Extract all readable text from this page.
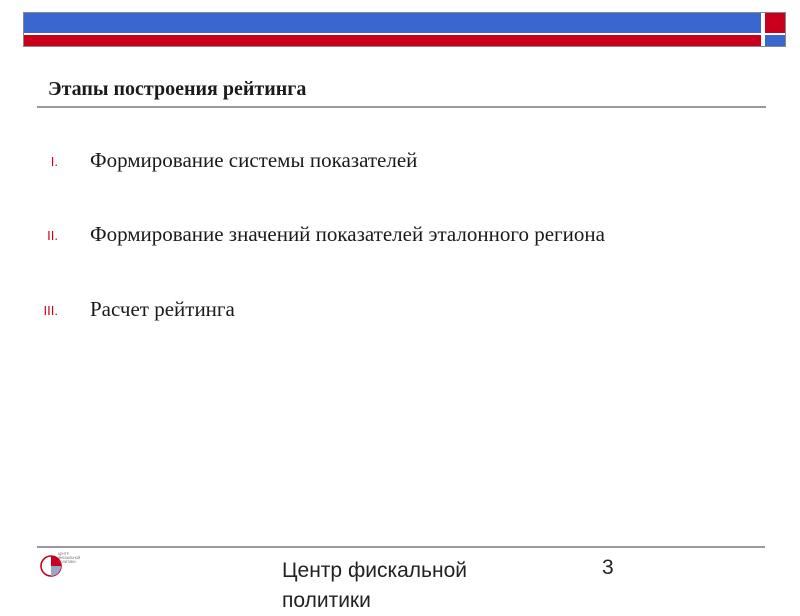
Этапы построения рейтинга
I. Формирование системы показателей
II. Формирование значений показателей эталонного региона
III. Расчет рейтинга
ЦЕНТР ФИСКАЛЬНОЙ ПОЛИТИКИ	Центр фискальной политики
3
